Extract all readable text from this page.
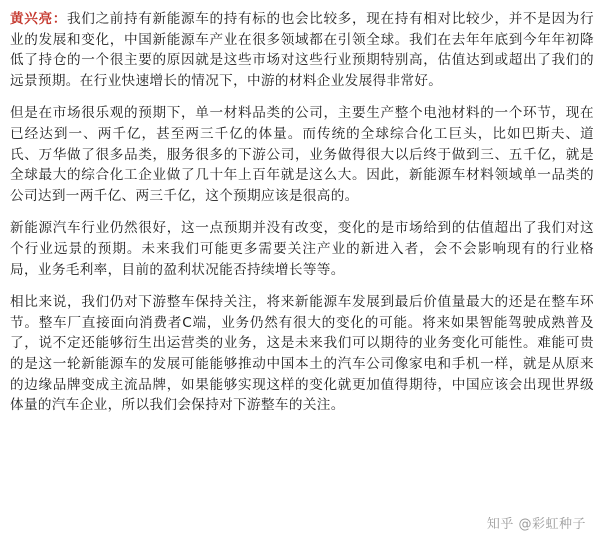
黄兴亮：我们之前持有新能源车的持有标的也会比较多，现在持有相对比较少，并不是因为行业的发展和变化，中国新能源车产业在很多领域都在引领全球。我们在去年年底到今年年初降低了持仓的一个很主要的原因就是这些市场对这些行业预期特别高，估值达到或超出了我们的远景预期。在行业快速增长的情况下，中游的材料企业发展得非常好。

但是在市场很乐观的预期下，单一材料品类的公司，主要生产整个电池材料的一个环节，现在已经达到一、两千亿，甚至两三千亿的体量。而传统的全球综合化工巨头，比如巴斯夫、道氏、万华做了很多品类，服务很多的下游公司，业务做得很大以后终于做到三、五千亿，就是全球最大的综合化工企业做了几十年上百年就是这么大。因此，新能源车材料领域单一品类的公司达到一两千亿、两三千亿，这个预期应该是很高的。

新能源汽车行业仍然很好，这一点预期并没有改变，变化的是市场给到的估值超出了我们对这个行业远景的预期。未来我们可能更多需要关注产业的新进入者，会不会影响现有的行业格局，业务毛利率，目前的盈利状况能否持续增长等等。

相比来说，我们仍对下游整车保持关注，将来新能源车发展到最后价值量最大的还是在整车环节。整车厂直接面向消费者C端，业务仍然有很大的变化的可能。将来如果智能驾驶成熟普及了，说不定还能够衍生出运营类的业务，这是未来我们可以期待的业务变化可能性。难能可贵的是这一轮新能源车的发展可能能够推动中国本土的汽车公司像家电和手机一样，就是从原来的边缘品牌变成主流品牌，如果能够实现这样的变化就更加值得期待，中国应该会出现世界级体量的汽车企业，所以我们会保持对下游整车的关注。

知乎 @彩虹种子
